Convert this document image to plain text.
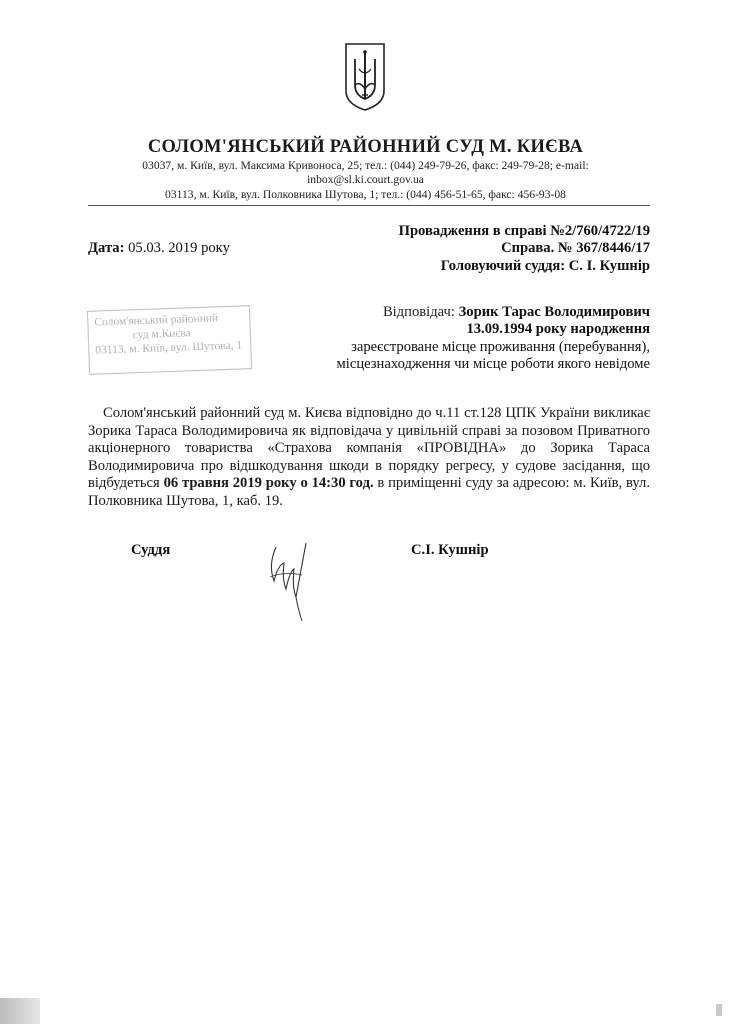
СОЛОМ'ЯНСЬКИЙ РАЙОННИЙ СУД М. КИЄВА
03037, м. Київ, вул. Максима Кривоноса, 25; тел.: (044) 249-79-26, факс: 249-79-28; e-mail:
inbox@sl.ki.court.gov.ua
03113, м. Київ, вул. Полковника Шутова, 1; тел.: (044) 456-51-65, факс: 456-93-08
Провадження в справі №2/760/4722/19
Дата: 05.03. 2019 року	Справа. № 367/8446/17
Головуючий суддя: С. І. Кушнір
Відповідач: Зорик Тарас Володимирович
13.09.1994 року народження
зареєстроване місце проживання (перебування),
місцезнаходження чи місце роботи якого невідоме
Солом'янський районний
суд м.Києва
03113, м. Київ, вул. Шутова, 1
Солом'янський районний суд м. Києва відповідно до ч.11 ст.128 ЦПК України викликає Зорика Тараса Володимировича як відповідача у цивільній справі за позовом Приватного акціонерного товариства «Страхова компанія «ПРОВІДНА» до Зорика Тараса Володимировича про відшкодування шкоди в порядку регресу, у судове засідання, що відбудеться 06 травня 2019 року о 14:30 год. в приміщенні суду за адресою: м. Київ, вул. Полковника Шутова, 1, каб. 19.
Суддя	С.І. Кушнір
